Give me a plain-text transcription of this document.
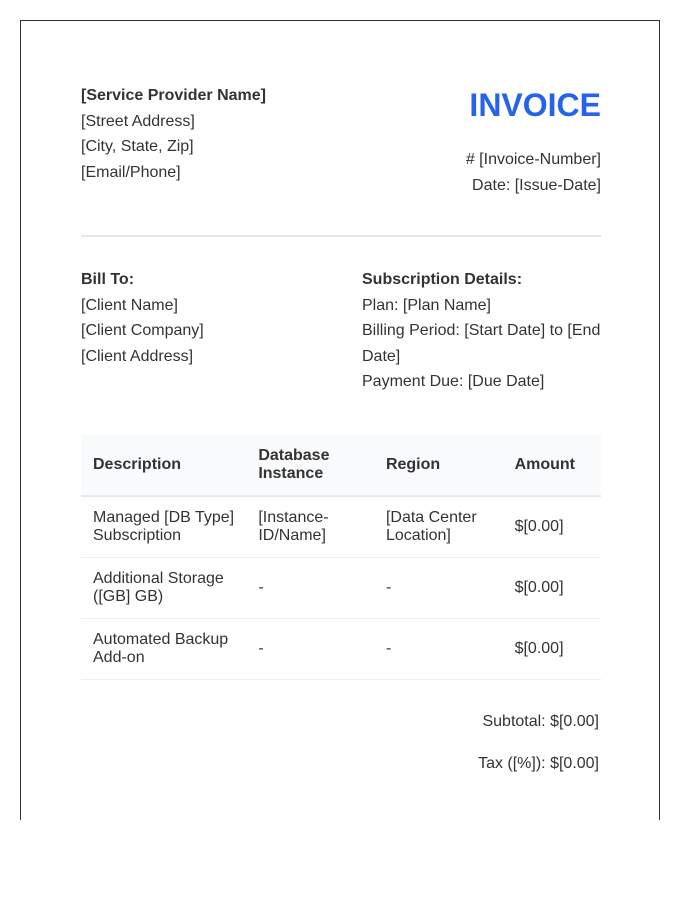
[Service Provider Name]
[Street Address]
[City, State, Zip]
[Email/Phone]
INVOICE
# [Invoice-Number]
Date: [Issue-Date]
Bill To:
[Client Name]
[Client Company]
[Client Address]
Subscription Details:
Plan: [Plan Name]
Billing Period: [Start Date] to [End Date]
Payment Due: [Due Date]
Description	Database Instance	Region	Amount
Managed [DB Type] Subscription	[Instance-ID/Name]	[Data Center Location]	$[0.00]
Additional Storage ([GB] GB)	-	-	$[0.00]
Automated Backup Add-on	-	-	$[0.00]
Subtotal: $[0.00]
Tax ([%]): $[0.00]
